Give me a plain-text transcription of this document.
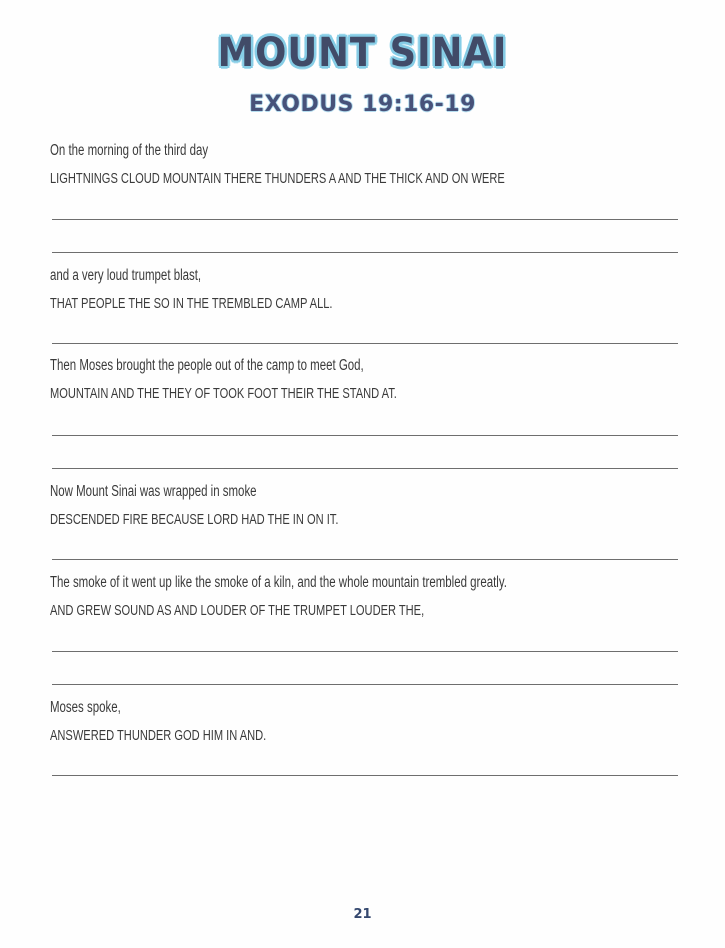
MOUNT SINAI
EXODUS 19:16-19
On the morning of the third day
LIGHTNINGS CLOUD MOUNTAIN THERE THUNDERS A AND THE THICK AND ON WERE
and a very loud trumpet blast,
THAT PEOPLE THE SO IN THE TREMBLED CAMP ALL.
Then Moses brought the people out of the camp to meet God,
MOUNTAIN AND THE THEY OF TOOK FOOT THEIR THE STAND AT.
Now Mount Sinai was wrapped in smoke
DESCENDED FIRE BECAUSE LORD HAD THE IN ON IT.
The smoke of it went up like the smoke of a kiln, and the whole mountain trembled greatly.
AND GREW SOUND AS AND LOUDER OF THE TRUMPET LOUDER THE,
Moses spoke,
ANSWERED THUNDER GOD HIM IN AND.
21
